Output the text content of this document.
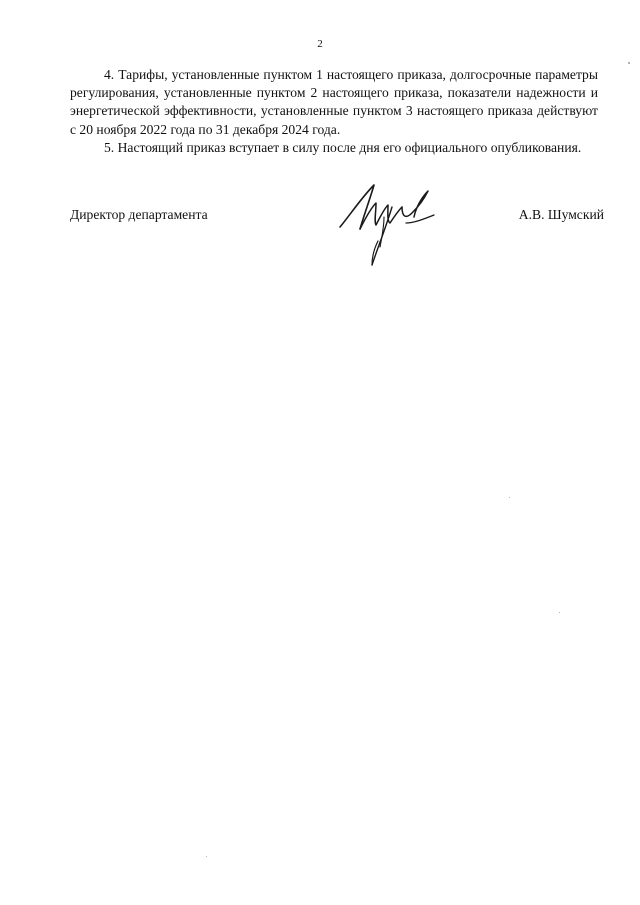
2

4. Тарифы, установленные пунктом 1 настоящего приказа, долгосрочные параметры регулирования, установленные пунктом 2 настоящего приказа, показатели надежности и энергетической эффективности, установленные пунктом 3 настоящего приказа действуют с 20 ноября 2022 года по 31 декабря 2024 года.

5. Настоящий приказ вступает в силу после дня его официального опубликования.

Директор департамента	А.В. Шумский
